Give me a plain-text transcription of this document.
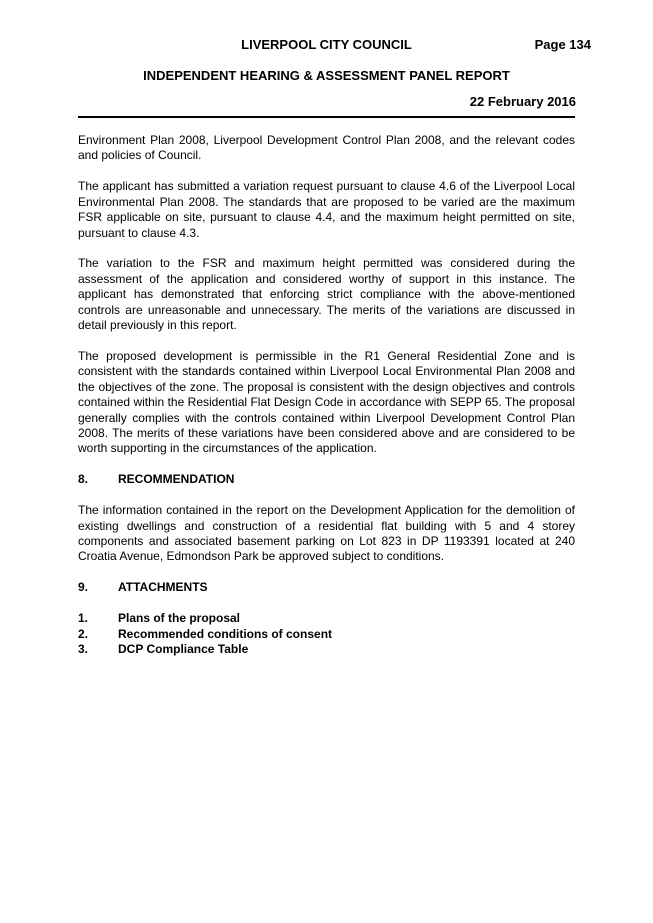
LIVERPOOL CITY COUNCIL	Page 134
INDEPENDENT HEARING & ASSESSMENT PANEL REPORT
22 February 2016

Environment Plan 2008, Liverpool Development Control Plan 2008, and the relevant codes and policies of Council.

The applicant has submitted a variation request pursuant to clause 4.6 of the Liverpool Local Environmental Plan 2008. The standards that are proposed to be varied are the maximum FSR applicable on site, pursuant to clause 4.4, and the maximum height permitted on site, pursuant to clause 4.3.

The variation to the FSR and maximum height permitted was considered during the assessment of the application and considered worthy of support in this instance. The applicant has demonstrated that enforcing strict compliance with the above-mentioned controls are unreasonable and unnecessary. The merits of the variations are discussed in detail previously in this report.

The proposed development is permissible in the R1 General Residential Zone and is consistent with the standards contained within Liverpool Local Environmental Plan 2008 and the objectives of the zone. The proposal is consistent with the design objectives and controls contained within the Residential Flat Design Code in accordance with SEPP 65. The proposal generally complies with the controls contained within Liverpool Development Control Plan 2008. The merits of these variations have been considered above and are considered to be worth supporting in the circumstances of the application.

8.	RECOMMENDATION

The information contained in the report on the Development Application for the demolition of existing dwellings and construction of a residential flat building with 5 and 4 storey components and associated basement parking on Lot 823 in DP 1193391 located at 240 Croatia Avenue, Edmondson Park be approved subject to conditions.

9.	ATTACHMENTS
1.	Plans of the proposal
2.	Recommended conditions of consent
3.	DCP Compliance Table
